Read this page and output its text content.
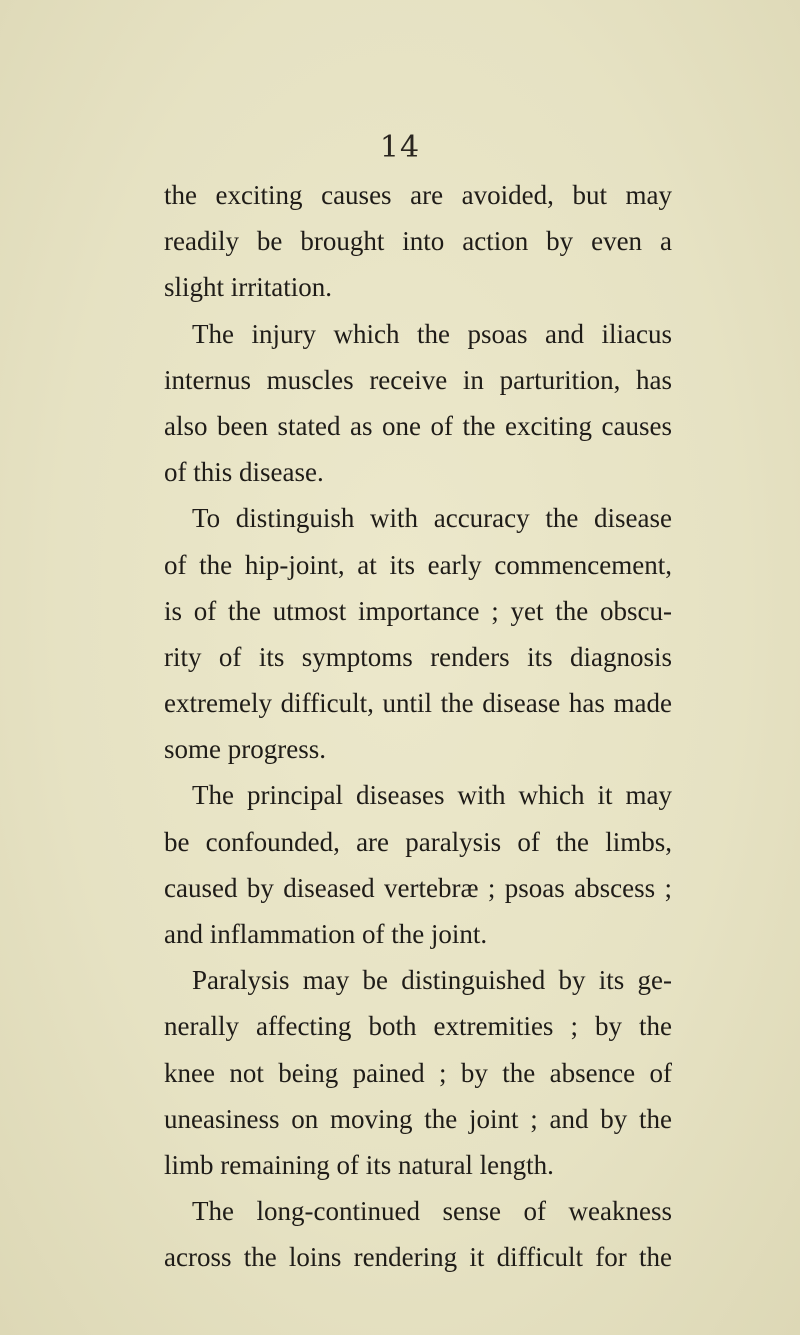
14
the exciting causes are avoided, but may
readily be brought into action by even a
slight irritation.
The injury which the psoas and iliacus
internus muscles receive in parturition, has
also been stated as one of the exciting causes
of this disease.
To distinguish with accuracy the disease
of the hip-joint, at its early commencement,
is of the utmost importance ; yet the obscu-
rity of its symptoms renders its diagnosis
extremely difficult, until the disease has made
some progress.
The principal diseases with which it may
be confounded, are paralysis of the limbs,
caused by diseased vertebræ ; psoas abscess ;
and inflammation of the joint.
Paralysis may be distinguished by its ge-
nerally affecting both extremities ; by the
knee not being pained ; by the absence of
uneasiness on moving the joint ; and by the
limb remaining of its natural length.
The long-continued sense of weakness
across the loins rendering it difficult for the
